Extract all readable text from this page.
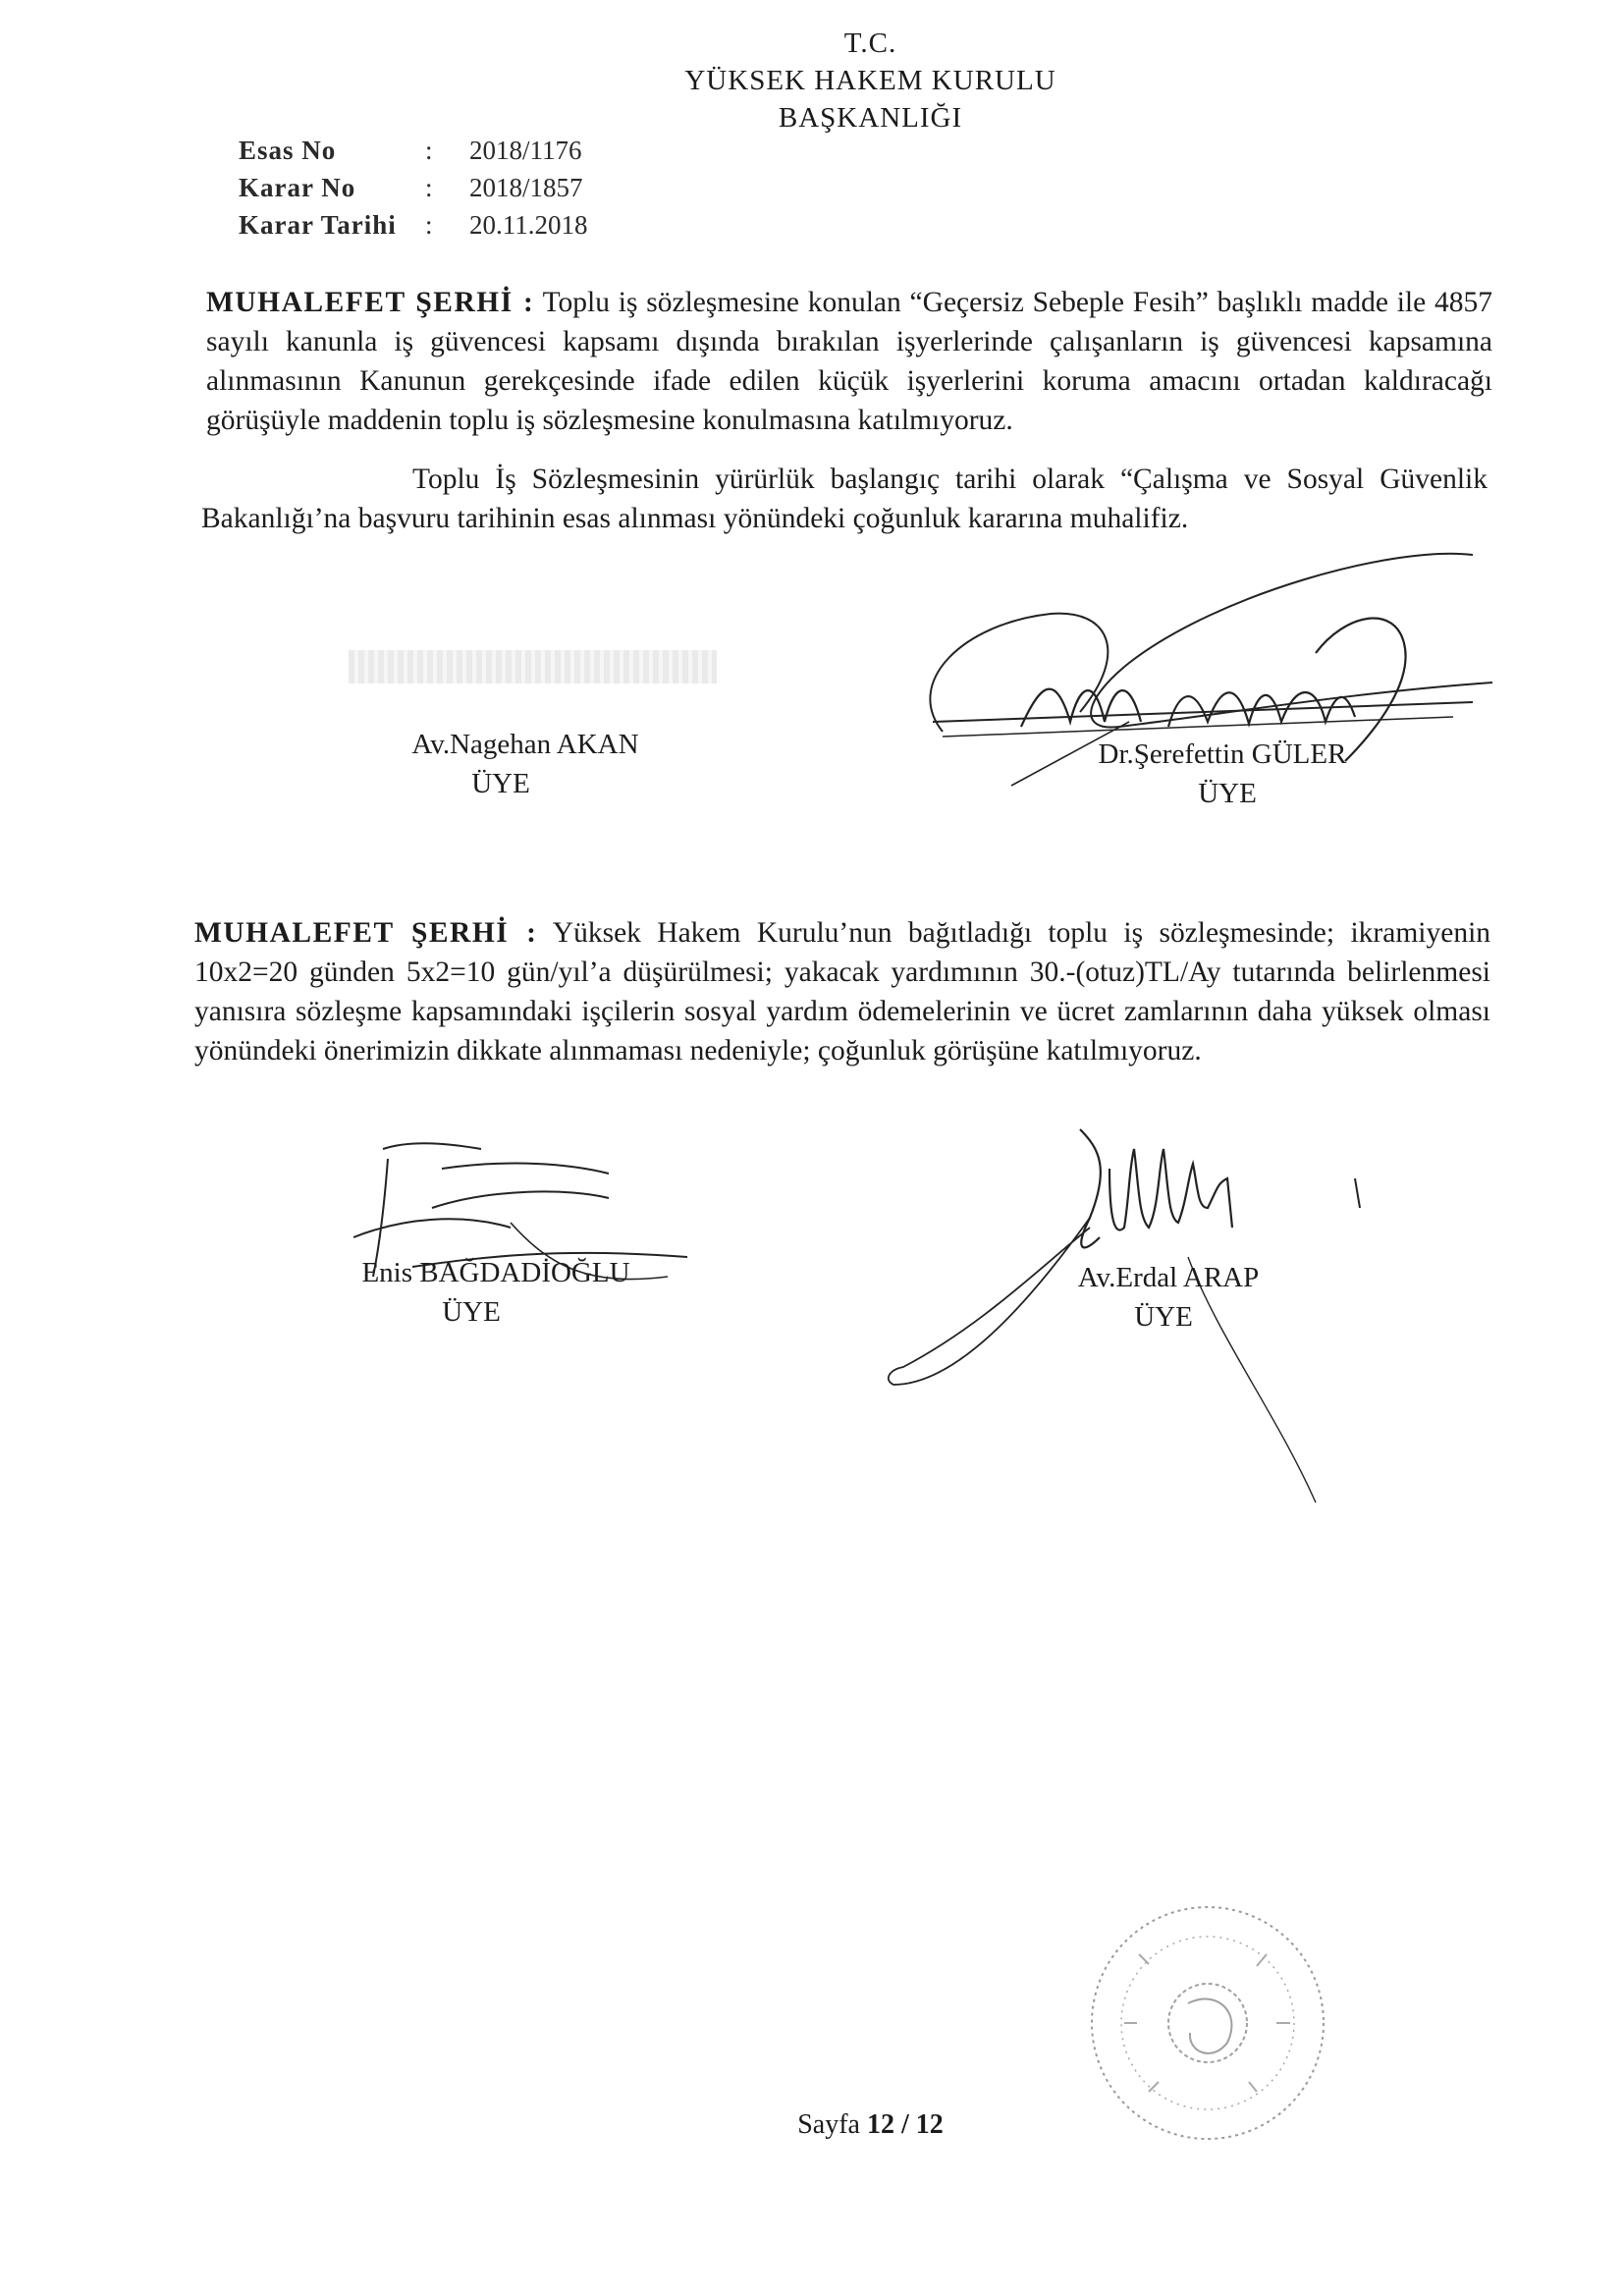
T.C.
YÜKSEK HAKEM KURULU
BAŞKANLIĞI
Esas No	: 2018/1176
Karar No	: 2018/1857
Karar Tarihi : 20.11.2018
MUHALEFET ŞERHİ : Toplu iş sözleşmesine konulan “Geçersiz Sebeple Fesih” başlıklı madde ile 4857 sayılı kanunla iş güvencesi kapsamı dışında bırakılan işyerlerinde çalışanların iş güvencesi kapsamına alınmasının Kanunun gerekçesinde ifade edilen küçük işyerlerini koruma amacını ortadan kaldıracağı görüşüyle maddenin toplu iş sözleşmesine konulmasına katılmıyoruz.
Toplu İş Sözleşmesinin yürürlük başlangıç tarihi olarak “Çalışma ve Sosyal Güvenlik Bakanlığı’na başvuru tarihinin esas alınması yönündeki çoğunluk kararına muhalifiz.
Av.Nagehan AKAN
ÜYE
Dr.Şerefettin GÜLER
ÜYE
MUHALEFET ŞERHİ : Yüksek Hakem Kurulu’nun bağıtladığı toplu iş sözleşmesinde; ikramiyenin 10x2=20 günden 5x2=10 gün/yıl’a düşürülmesi; yakacak yardımının 30.-(otuz)TL/Ay tutarında belirlenmesi yanısıra sözleşme kapsamındaki işçilerin sosyal yardım ödemelerinin ve ücret zamlarının daha yüksek olması yönündeki önerimizin dikkate alınmaması nedeniyle; çoğunluk görüşüne katılmıyoruz.
Enis BAĞDADİOĞLU
ÜYE
Av.Erdal ARAP
ÜYE
Sayfa 12 / 12
